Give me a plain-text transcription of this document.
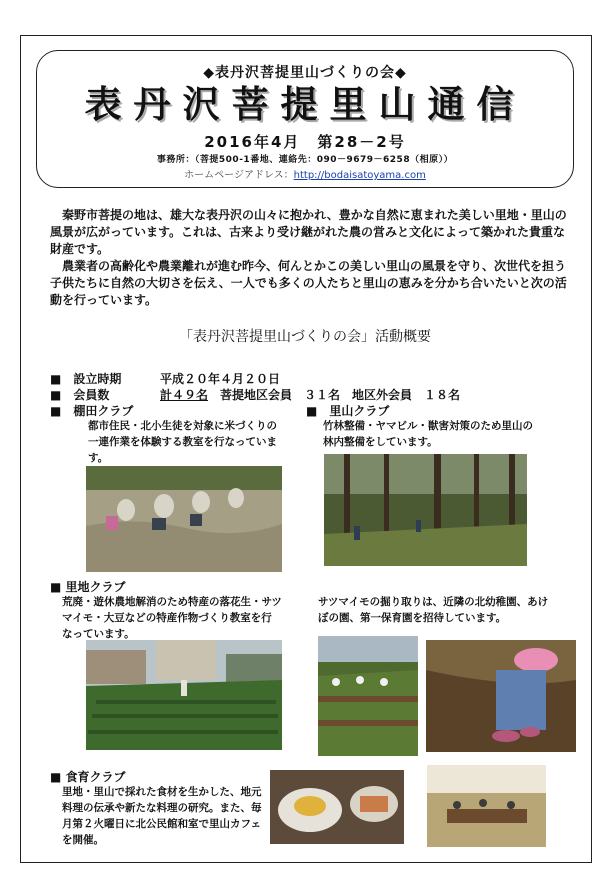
◆表丹沢菩提里山づくりの会◆
表丹沢菩提里山通信
2016年4月　第28－2号
事務所：（菩提500-1番地、連絡先：090－9679－6258（相原））
ホームページアドレス：http://bodaisatoyama.com

秦野市菩提の地は、雄大な表丹沢の山々に抱かれ、豊かな自然に恵まれた美しい里地・里山の風景が広がっています。これは、古来より受け継がれた農の営みと文化によって築かれた貴重な財産です。

農業者の高齢化や農業離れが進む昨今、何んとかこの美しい里山の風景を守り、次世代を担う子供たちに自然の大切さを伝え、一人でも多くの人たちと里山の恵みを分かち合いたいと次の活動を行っています。

「表丹沢菩提里山づくりの会」活動概要
■　設立時期	平成２０年４月２０日
■　会員数	計４９名　菩提地区会員　３１名　地区外会員　１８名
■　棚田クラブ
都市住民・北小生徒を対象に米づくりの一連作業を体験する教室を行なっています。
■　里山クラブ
竹林整備・ヤマビル・獣害対策のため里山の林内整備をしています。
■ 里地クラブ
荒廃・遊休農地解消のため特産の落花生・サツマイモ・大豆などの特産作物づくり教室を行なっています。
サツマイモの掘り取りは、近隣の北幼稚園、あけぼの園、第一保育園を招待しています。
■ 食育クラブ
里地・里山で採れた食材を生かした、地元料理の伝承や新たな料理の研究。また、毎月第２火曜日に北公民館和室で里山カフェを開催。
